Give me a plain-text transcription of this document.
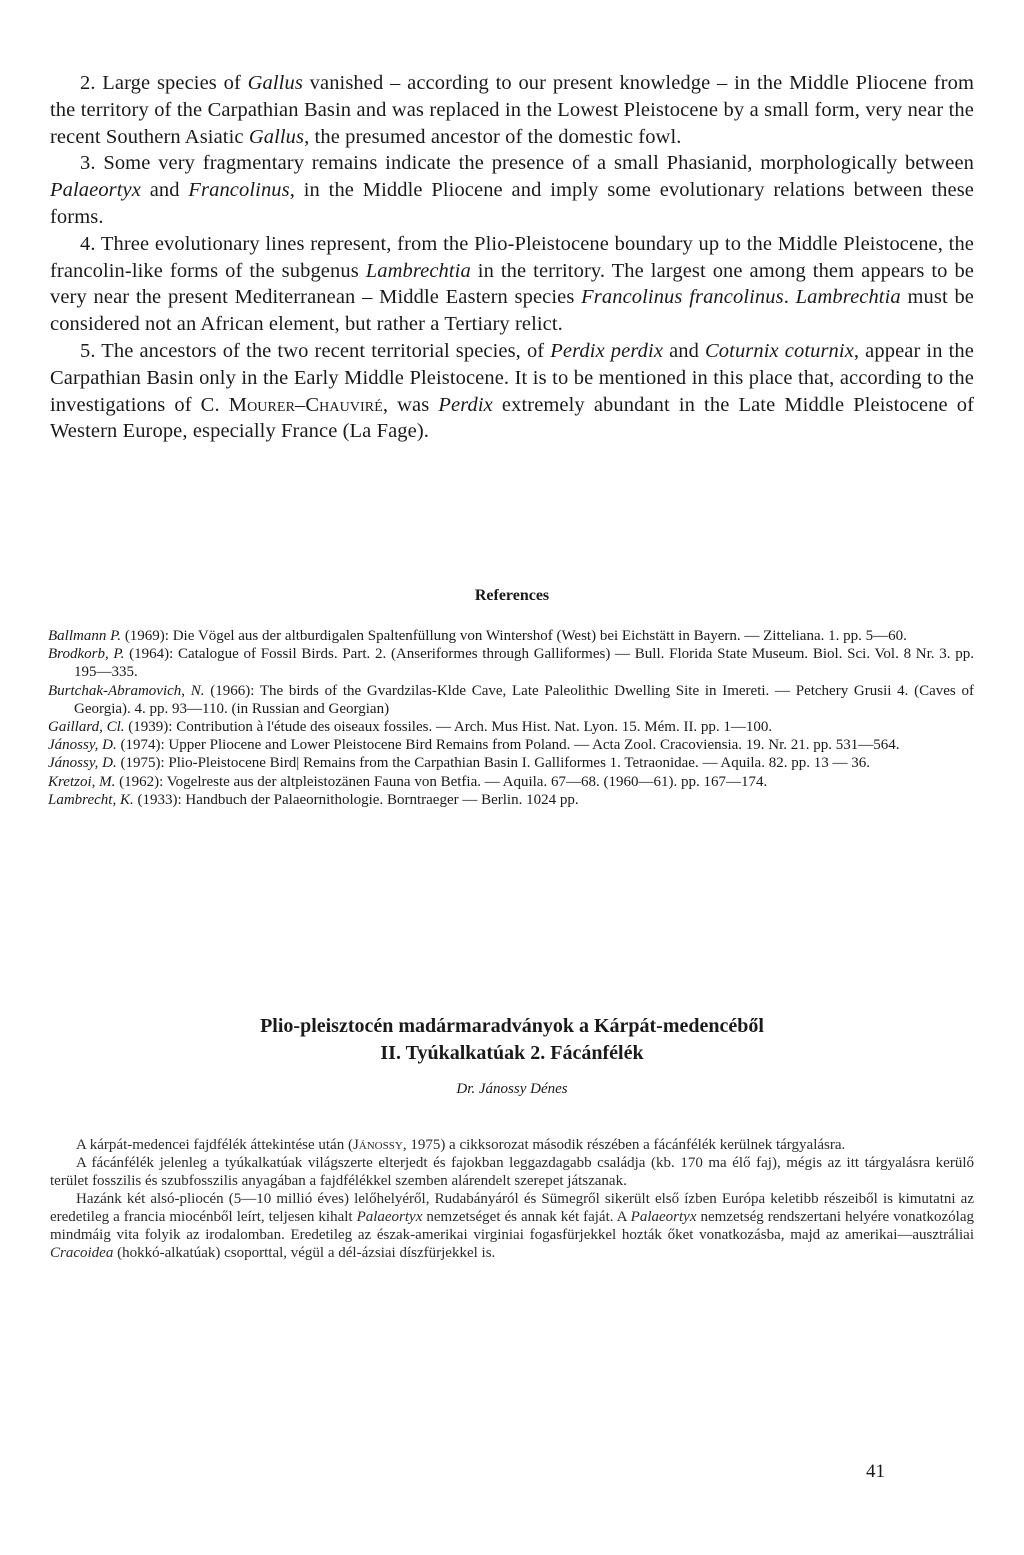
2. Large species of Gallus vanished – according to our present knowledge – in the Middle Pliocene from the territory of the Carpathian Basin and was replaced in the Lowest Pleistocene by a small form, very near the recent Southern Asiatic Gallus, the presumed ancestor of the domestic fowl.

3. Some very fragmentary remains indicate the presence of a small Phasianid, morphologically between Palaeortyx and Francolinus, in the Middle Pliocene and imply some evolutionary relations between these forms.

4. Three evolutionary lines represent, from the Plio-Pleistocene boundary up to the Middle Pleistocene, the francolin-like forms of the subgenus Lambrechtia in the territory. The largest one among them appears to be very near the present Mediterranean – Middle Eastern species Francolinus francolinus. Lambrechtia must be considered not an African element, but rather a Tertiary relict.

5. The ancestors of the two recent territorial species, of Perdix perdix and Coturnix coturnix, appear in the Carpathian Basin only in the Early Middle Pleistocene. It is to be mentioned in this place that, according to the investigations of C. Mourer–Chauviré, was Perdix extremely abundant in the Late Middle Pleistocene of Western Europe, especially France (La Fage).

References

Ballmann P. (1969): Die Vögel aus der altburdigalen Spaltenfüllung von Wintershof (West) bei Eichstätt in Bayern. — Zitteliana. 1. pp. 5—60.

Brodkorb, P. (1964): Catalogue of Fossil Birds. Part. 2. (Anseriformes through Galliformes) — Bull. Florida State Museum. Biol. Sci. Vol. 8 Nr. 3. pp. 195—335.

Burtchak-Abramovich, N. (1966): The birds of the Gvardzilas-Klde Cave, Late Paleolithic Dwelling Site in Imereti. — Petchery Grusii 4. (Caves of Georgia). 4. pp. 93—110. (in Russian and Georgian)

Gaillard, Cl. (1939): Contribution à l'étude des oiseaux fossiles. — Arch. Mus Hist. Nat. Lyon. 15. Mém. II. pp. 1—100.

Jánossy, D. (1974): Upper Pliocene and Lower Pleistocene Bird Remains from Poland. — Acta Zool. Cracoviensia. 19. Nr. 21. pp. 531—564.

Jánossy, D. (1975): Plio-Pleistocene Bird| Remains from the Carpathian Basin I. Galliformes 1. Tetraonidae. — Aquila. 82. pp. 13 — 36.

Kretzoi, M. (1962): Vogelreste aus der altpleistozänen Fauna von Betfia. — Aquila. 67—68. (1960—61). pp. 167—174.

Lambrecht, K. (1933): Handbuch der Palaeornithologie. Borntraeger — Berlin. 1024 pp.

Plio-pleisztocén madármaradványok a Kárpát-medencéből
II. Tyúkalkatúak 2. Fácánfélék
Dr. Jánossy Dénes

A kárpát-medencei fajdfélék áttekintése után (Jánossy, 1975) a cikksorozat második részében a fácánfélék kerülnek tárgyalásra.

A fácánfélék jelenleg a tyúkalkatúak világszerte elterjedt és fajokban leggazdagabb családja (kb. 170 ma élő faj), mégis az itt tárgyalásra kerülő terület fosszilis és szubfosszilis anyagában a fajdfélékkel szemben alárendelt szerepet játszanak.

Hazánk két alsó-pliocén (5—10 millió éves) lelőhelyéről, Rudabányáról és Sümegről sikerült első ízben Európa keletibb részeiből is kimutatni az eredetileg a francia miocénből leírt, teljesen kihalt Palaeortyx nemzetséget és annak két faját. A Palaeortyx nemzetség rendszertani helyére vonatkozólag mindmáig vita folyik az irodalomban. Eredetileg az észak-amerikai virginiai fogasfürjekkel hozták őket vonatkozásba, majd az amerikai—ausztráliai Cracoidea (hokkó-alkatúak) csoporttal, végül a dél-ázsiai díszfürjekkel is.

41
